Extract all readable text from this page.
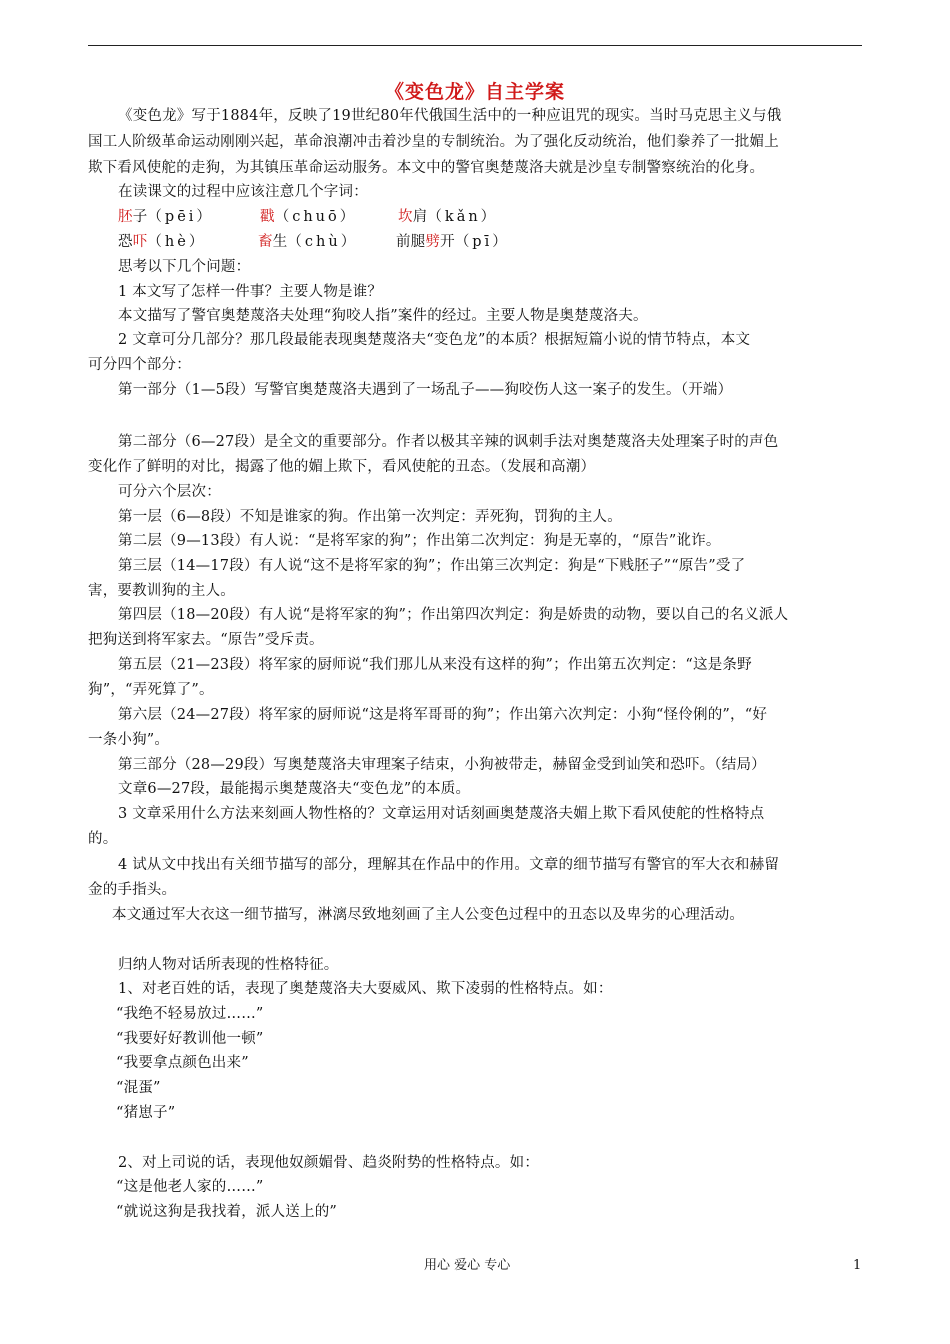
《变色龙》自主学案
《变色龙》写于1884年，反映了19世纪80年代俄国生活中的一种应诅咒的现实。当时马克思主义与俄
国工人阶级革命运动刚刚兴起，革命浪潮冲击着沙皇的专制统治。为了强化反动统治，他们豢养了一批媚上
欺下看风使舵的走狗，为其镇压革命运动服务。本文中的警官奥楚蔑洛夫就是沙皇专制警察统治的化身。
在读课文的过程中应该注意几个字词：
胚子（pēi）	戳（chuō）	坎肩（kǎn）
恐吓（hè）	畜生（chù）	前腿劈开（pī）
思考以下几个问题：
1 本文写了怎样一件事？主要人物是谁？
本文描写了警官奥楚蔑洛夫处理“狗咬人指”案件的经过。主要人物是奥楚蔑洛夫。
2 文章可分几部分？那几段最能表现奥楚蔑洛夫“变色龙”的本质？根据短篇小说的情节特点，本文
可分四个部分：
第一部分（1—5段）写警官奥楚蔑洛夫遇到了一场乱子——狗咬伤人这一案子的发生。（开端）
第二部分（6—27段）是全文的重要部分。作者以极其辛辣的讽刺手法对奥楚蔑洛夫处理案子时的声色
变化作了鲜明的对比，揭露了他的媚上欺下，看风使舵的丑态。（发展和高潮）
可分六个层次：
第一层（6—8段）不知是谁家的狗。作出第一次判定：弄死狗，罚狗的主人。
第二层（9—13段）有人说：“是将军家的狗”；作出第二次判定：狗是无辜的，“原告”讹诈。
第三层（14—17段）有人说“这不是将军家的狗”；作出第三次判定：狗是“下贱胚子”“原告”受了
害，要教训狗的主人。
第四层（18—20段）有人说“是将军家的狗”；作出第四次判定：狗是娇贵的动物，要以自己的名义派人
把狗送到将军家去。“原告”受斥责。
第五层（21—23段）将军家的厨师说“我们那儿从来没有这样的狗”；作出第五次判定：“这是条野
狗”，“弄死算了”。
第六层（24—27段）将军家的厨师说“这是将军哥哥的狗”；作出第六次判定：小狗“怪伶俐的”，“好
一条小狗”。
第三部分（28—29段）写奥楚蔑洛夫审理案子结束，小狗被带走，赫留金受到讪笑和恐吓。（结局）
文章6—27段，最能揭示奥楚蔑洛夫“变色龙”的本质。
3 文章采用什么方法来刻画人物性格的？文章运用对话刻画奥楚蔑洛夫媚上欺下看风使舵的性格特点
的。
4 试从文中找出有关细节描写的部分，理解其在作品中的作用。文章的细节描写有警官的军大衣和赫留
金的手指头。
本文通过军大衣这一细节描写，淋漓尽致地刻画了主人公变色过程中的丑态以及卑劣的心理活动。
归纳人物对话所表现的性格特征。
1、对老百姓的话，表现了奥楚蔑洛夫大耍威风、欺下凌弱的性格特点。如：
“我绝不轻易放过……”
“我要好好教训他一顿”
“我要拿点颜色出来”
“混蛋”
“猪崽子”
2、对上司说的话，表现他奴颜媚骨、趋炎附势的性格特点。如：
“这是他老人家的……”
“就说这狗是我找着，派人送上的”
用心 爱心 专心	1
